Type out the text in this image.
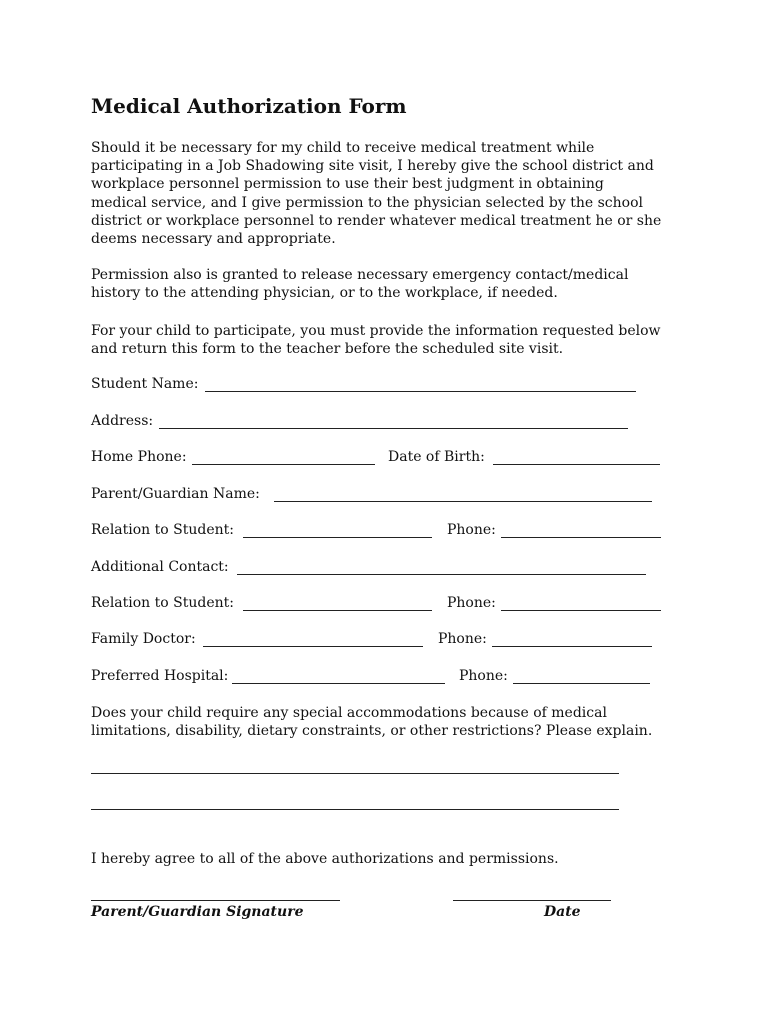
Medical Authorization Form

Should it be necessary for my child to receive medical treatment while
participating in a Job Shadowing site visit, I hereby give the school district and
workplace personnel permission to use their best judgment in obtaining
medical service, and I give permission to the physician selected by the school
district or workplace personnel to render whatever medical treatment he or she
deems necessary and appropriate.

Permission also is granted to release necessary emergency contact/medical
history to the attending physician, or to the workplace, if needed.

For your child to participate, you must provide the information requested below
and return this form to the teacher before the scheduled site visit.

Student Name:
Address:
Home Phone:	Date of Birth:
Parent/Guardian Name:
Relation to Student:	Phone:
Additional Contact:
Relation to Student:	Phone:
Family Doctor:	Phone:
Preferred Hospital:	Phone:

Does your child require any special accommodations because of medical
limitations, disability, dietary constraints, or other restrictions? Please explain.

I hereby agree to all of the above authorizations and permissions.

Parent/Guardian Signature	Date
